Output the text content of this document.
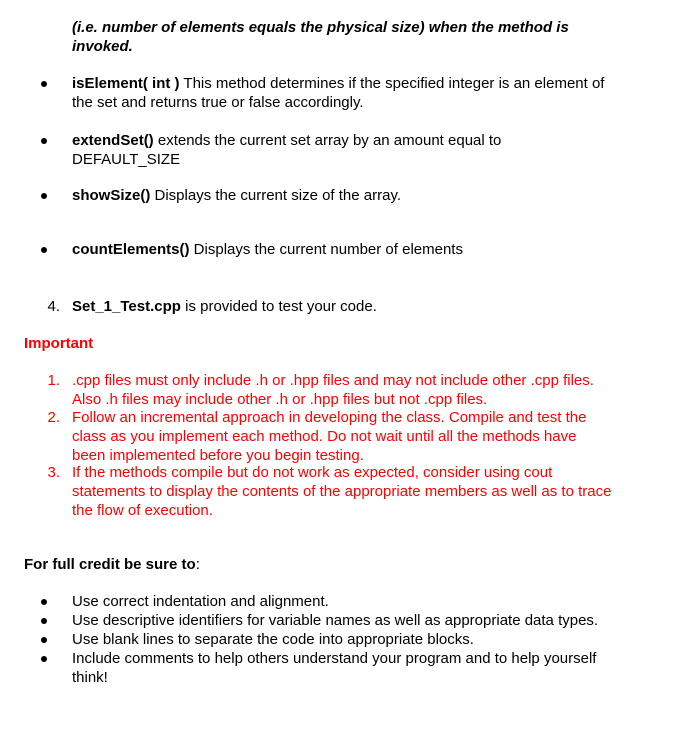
(i.e. number of elements equals the physical size) when the method is
invoked.
isElement( int ) This method determines if the specified integer is an element of
the set and returns true or false accordingly.
extendSet() extends the current set array by an amount equal to
DEFAULT_SIZE
showSize() Displays the current size of the array.
countElements() Displays the current number of elements
4. Set_1_Test.cpp is provided to test your code.
Important
1. .cpp files must only include .h or .hpp files and may not include other .cpp files.
Also .h files may include other .h or .hpp files but not .cpp files.
2. Follow an incremental approach in developing the class. Compile and test the
class as you implement each method. Do not wait until all the methods have
been implemented before you begin testing.
3. If the methods compile but do not work as expected, consider using cout
statements to display the contents of the appropriate members as well as to trace
the flow of execution.
For full credit be sure to:
Use correct indentation and alignment.
Use descriptive identifiers for variable names as well as appropriate data types.
Use blank lines to separate the code into appropriate blocks.
Include comments to help others understand your program and to help yourself
think!
